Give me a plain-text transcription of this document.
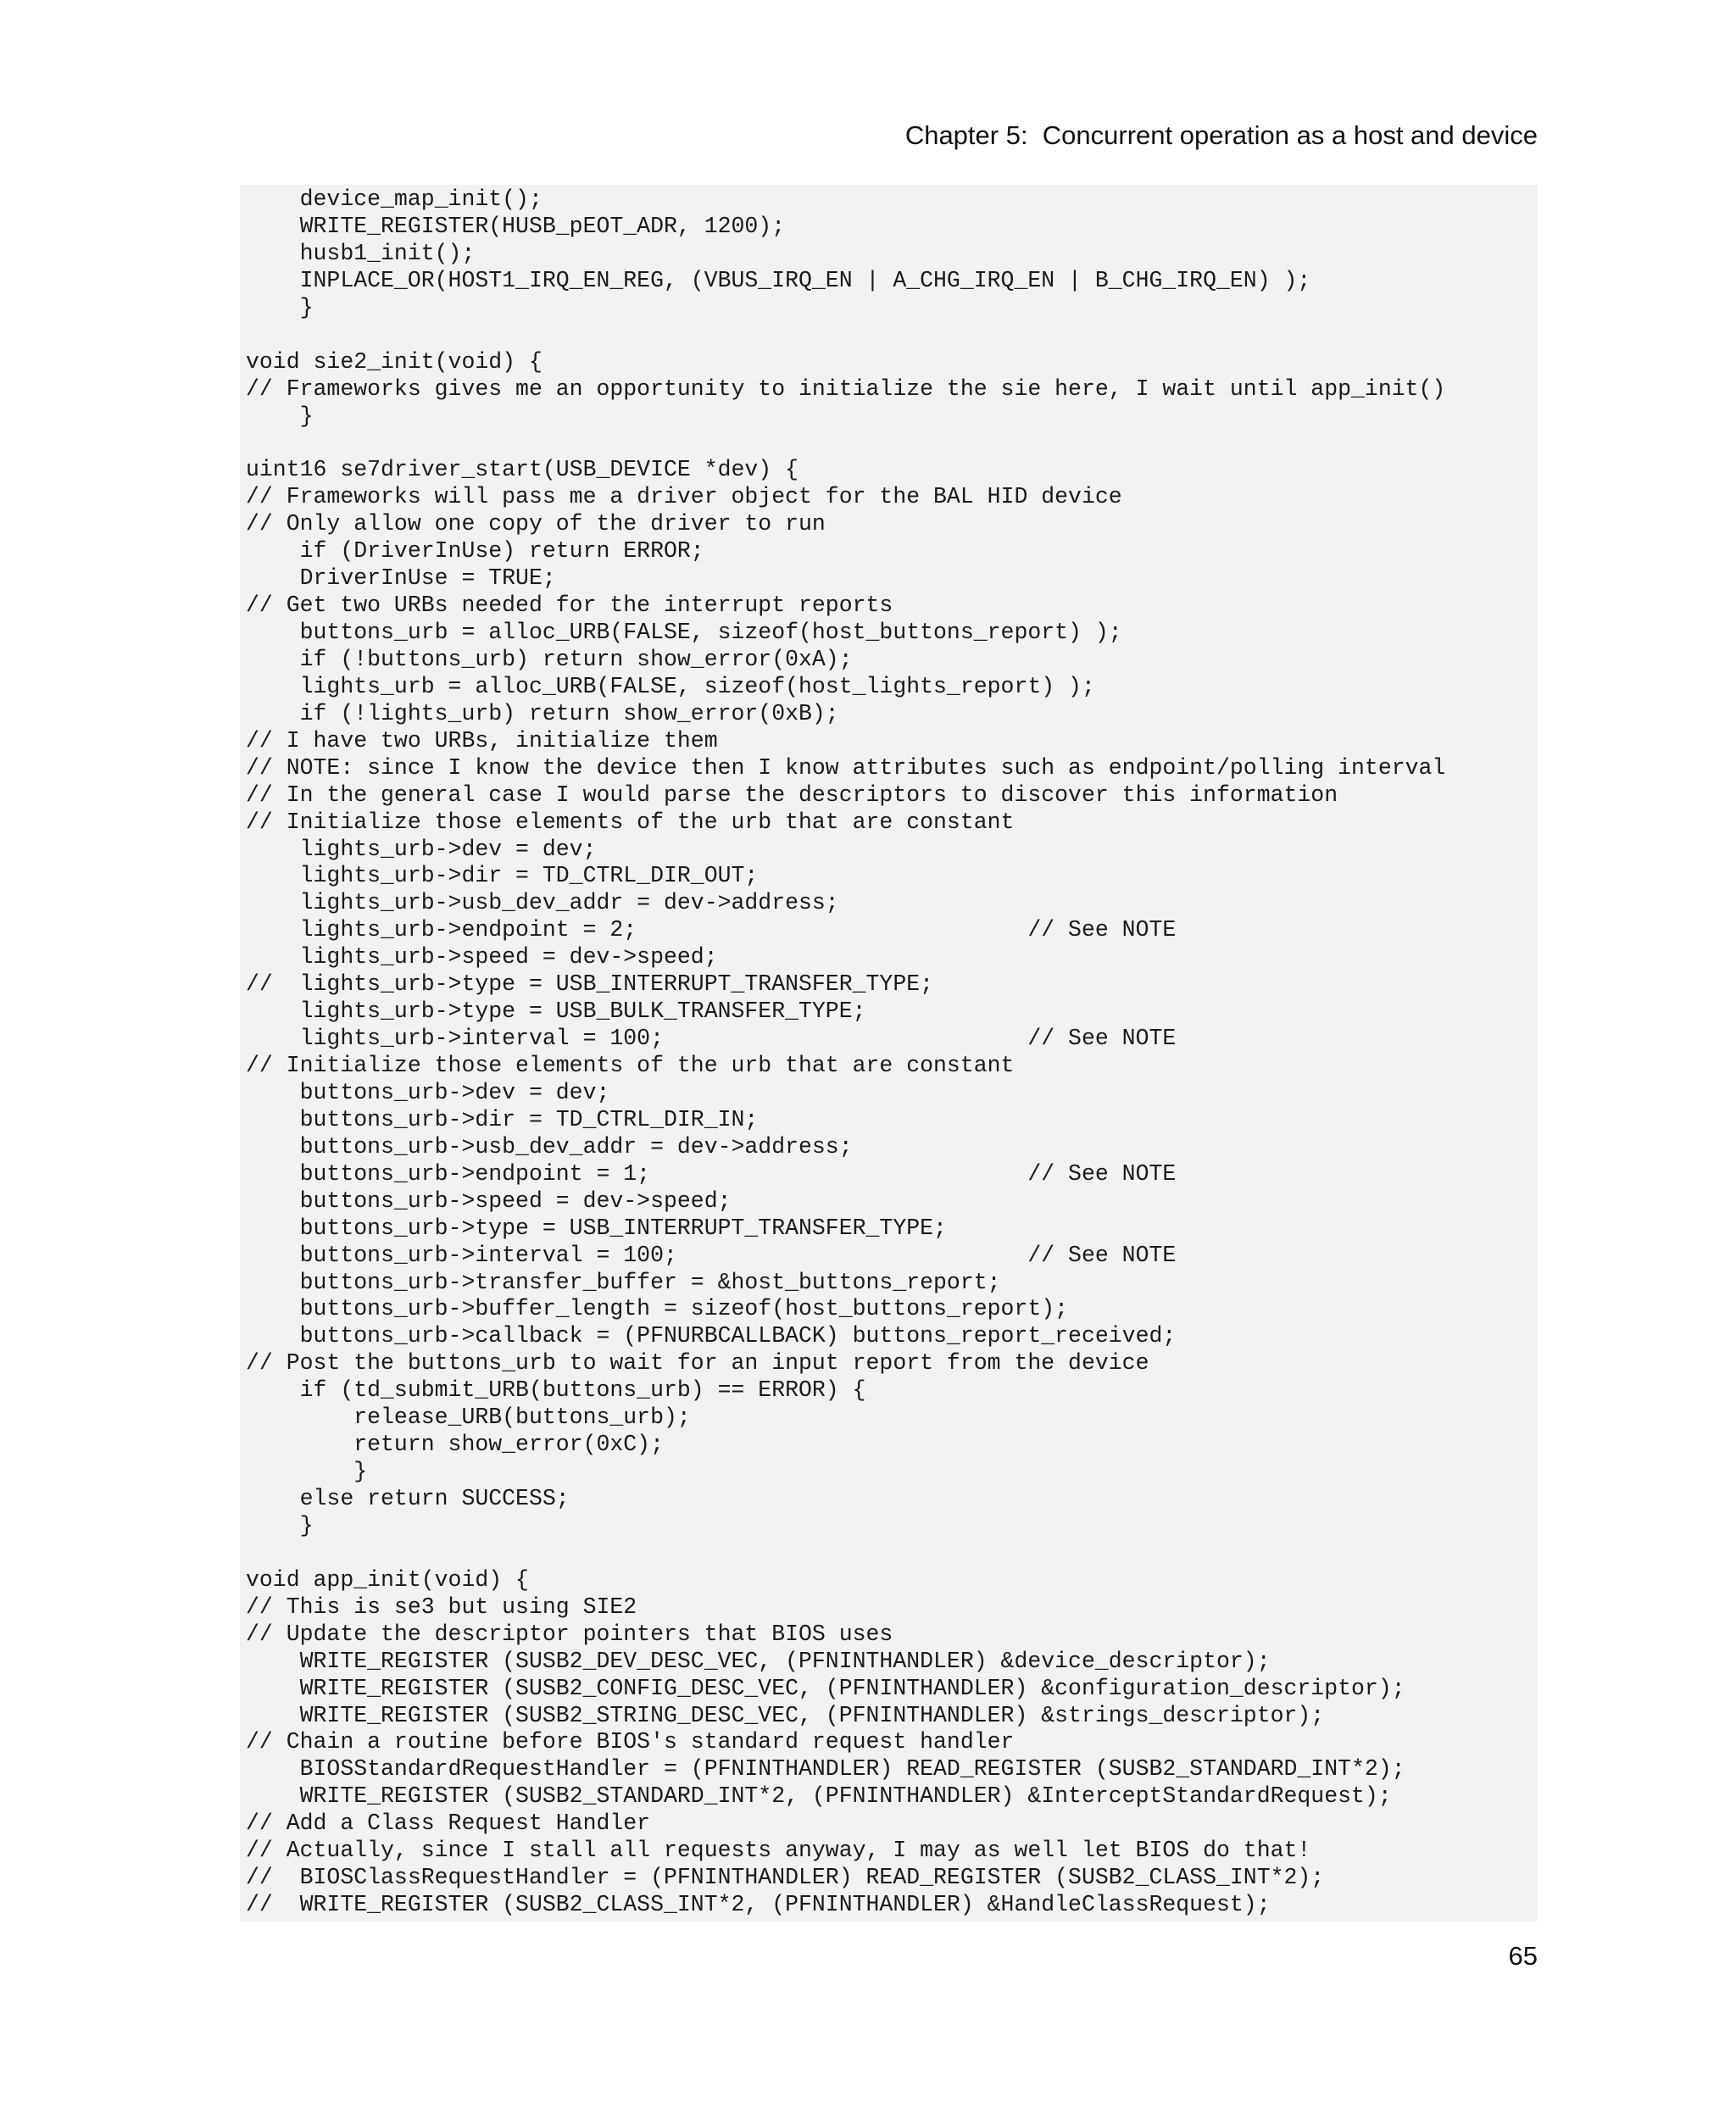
Chapter 5:  Concurrent operation as a host and device
device_map_init();
WRITE_REGISTER(HUSB_pEOT_ADR, 1200);
husb1_init();
INPLACE_OR(HOST1_IRQ_EN_REG, (VBUS_IRQ_EN | A_CHG_IRQ_EN | B_CHG_IRQ_EN) );
}
void sie2_init(void) {
// Frameworks gives me an opportunity to initialize the sie here, I wait until app_init()
}
uint16 se7driver_start(USB_DEVICE *dev) {
// Frameworks will pass me a driver object for the BAL HID device
// Only allow one copy of the driver to run
if (DriverInUse) return ERROR;
DriverInUse = TRUE;
// Get two URBs needed for the interrupt reports
buttons_urb = alloc_URB(FALSE, sizeof(host_buttons_report) );
if (!buttons_urb) return show_error(0xA);
lights_urb = alloc_URB(FALSE, sizeof(host_lights_report) );
if (!lights_urb) return show_error(0xB);
// I have two URBs, initialize them
// NOTE: since I know the device then I know attributes such as endpoint/polling interval
// In the general case I would parse the descriptors to discover this information
// Initialize those elements of the urb that are constant
lights_urb->dev = dev;
lights_urb->dir = TD_CTRL_DIR_OUT;
lights_urb->usb_dev_addr = dev->address;
lights_urb->endpoint = 2;                             // See NOTE
lights_urb->speed = dev->speed;
//  lights_urb->type = USB_INTERRUPT_TRANSFER_TYPE;
lights_urb->type = USB_BULK_TRANSFER_TYPE;
lights_urb->interval = 100;                           // See NOTE
// Initialize those elements of the urb that are constant
buttons_urb->dev = dev;
buttons_urb->dir = TD_CTRL_DIR_IN;
buttons_urb->usb_dev_addr = dev->address;
buttons_urb->endpoint = 1;                            // See NOTE
buttons_urb->speed = dev->speed;
buttons_urb->type = USB_INTERRUPT_TRANSFER_TYPE;
buttons_urb->interval = 100;                          // See NOTE
buttons_urb->transfer_buffer = &host_buttons_report;
buttons_urb->buffer_length = sizeof(host_buttons_report);
buttons_urb->callback = (PFNURBCALLBACK) buttons_report_received;
// Post the buttons_urb to wait for an input report from the device
if (td_submit_URB(buttons_urb) == ERROR) {
release_URB(buttons_urb);
return show_error(0xC);
}
else return SUCCESS;
}
void app_init(void) {
// This is se3 but using SIE2
// Update the descriptor pointers that BIOS uses
WRITE_REGISTER (SUSB2_DEV_DESC_VEC, (PFNINTHANDLER) &device_descriptor);
WRITE_REGISTER (SUSB2_CONFIG_DESC_VEC, (PFNINTHANDLER) &configuration_descriptor);
WRITE_REGISTER (SUSB2_STRING_DESC_VEC, (PFNINTHANDLER) &strings_descriptor);
// Chain a routine before BIOS's standard request handler
BIOSStandardRequestHandler = (PFNINTHANDLER) READ_REGISTER (SUSB2_STANDARD_INT*2);
WRITE_REGISTER (SUSB2_STANDARD_INT*2, (PFNINTHANDLER) &InterceptStandardRequest);
// Add a Class Request Handler
// Actually, since I stall all requests anyway, I may as well let BIOS do that!
//  BIOSClassRequestHandler = (PFNINTHANDLER) READ_REGISTER (SUSB2_CLASS_INT*2);
//  WRITE_REGISTER (SUSB2_CLASS_INT*2, (PFNINTHANDLER) &HandleClassRequest);
65
